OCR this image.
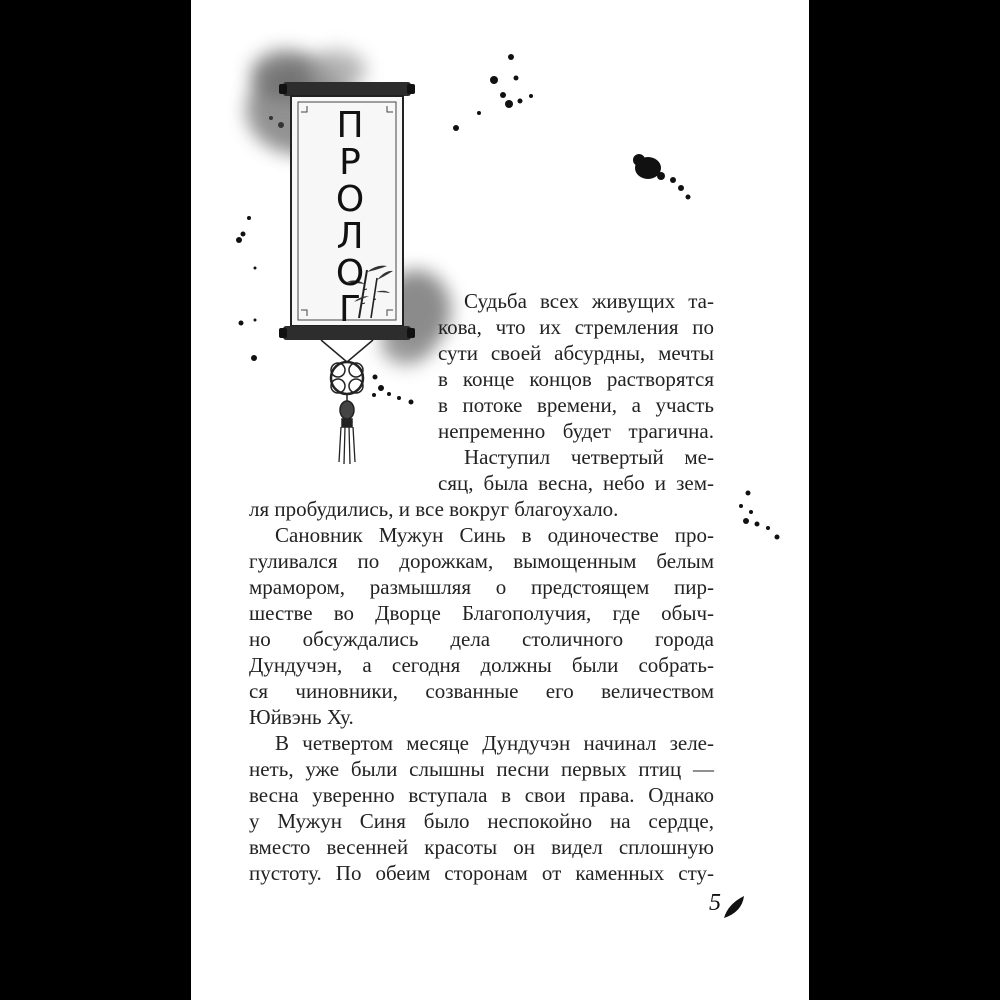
П
Р
О
Л
О
Г	Судьба всех живущих та-

кова, что их стремления по

сути своей абсурдны, мечты

в конце концов растворятся

в потоке времени, а участь

непременно будет трагична.

Наступил четвертый ме-

сяц, была весна, небо и зем-

ля пробудились, и все вокруг благоухало.

Сановник Мужун Синь в одиночестве про-

гуливался по дорожкам, вымощенным белым

мрамором, размышляя о предстоящем пир-

шестве во Дворце Благополучия, где обыч-

но обсуждались дела столичного города

Дундучэн, а сегодня должны были собрать-

ся чиновники, созванные его величеством

Юйвэнь Ху.

В четвертом месяце Дундучэн начинал зеле-

неть, уже были слышны песни первых птиц —

весна уверенно вступала в свои права. Однако

у Мужун Синя было неспокойно на сердце,

вместо весенней красоты он видел сплошную

пустоту. По обеим сторонам от каменных сту-

5
